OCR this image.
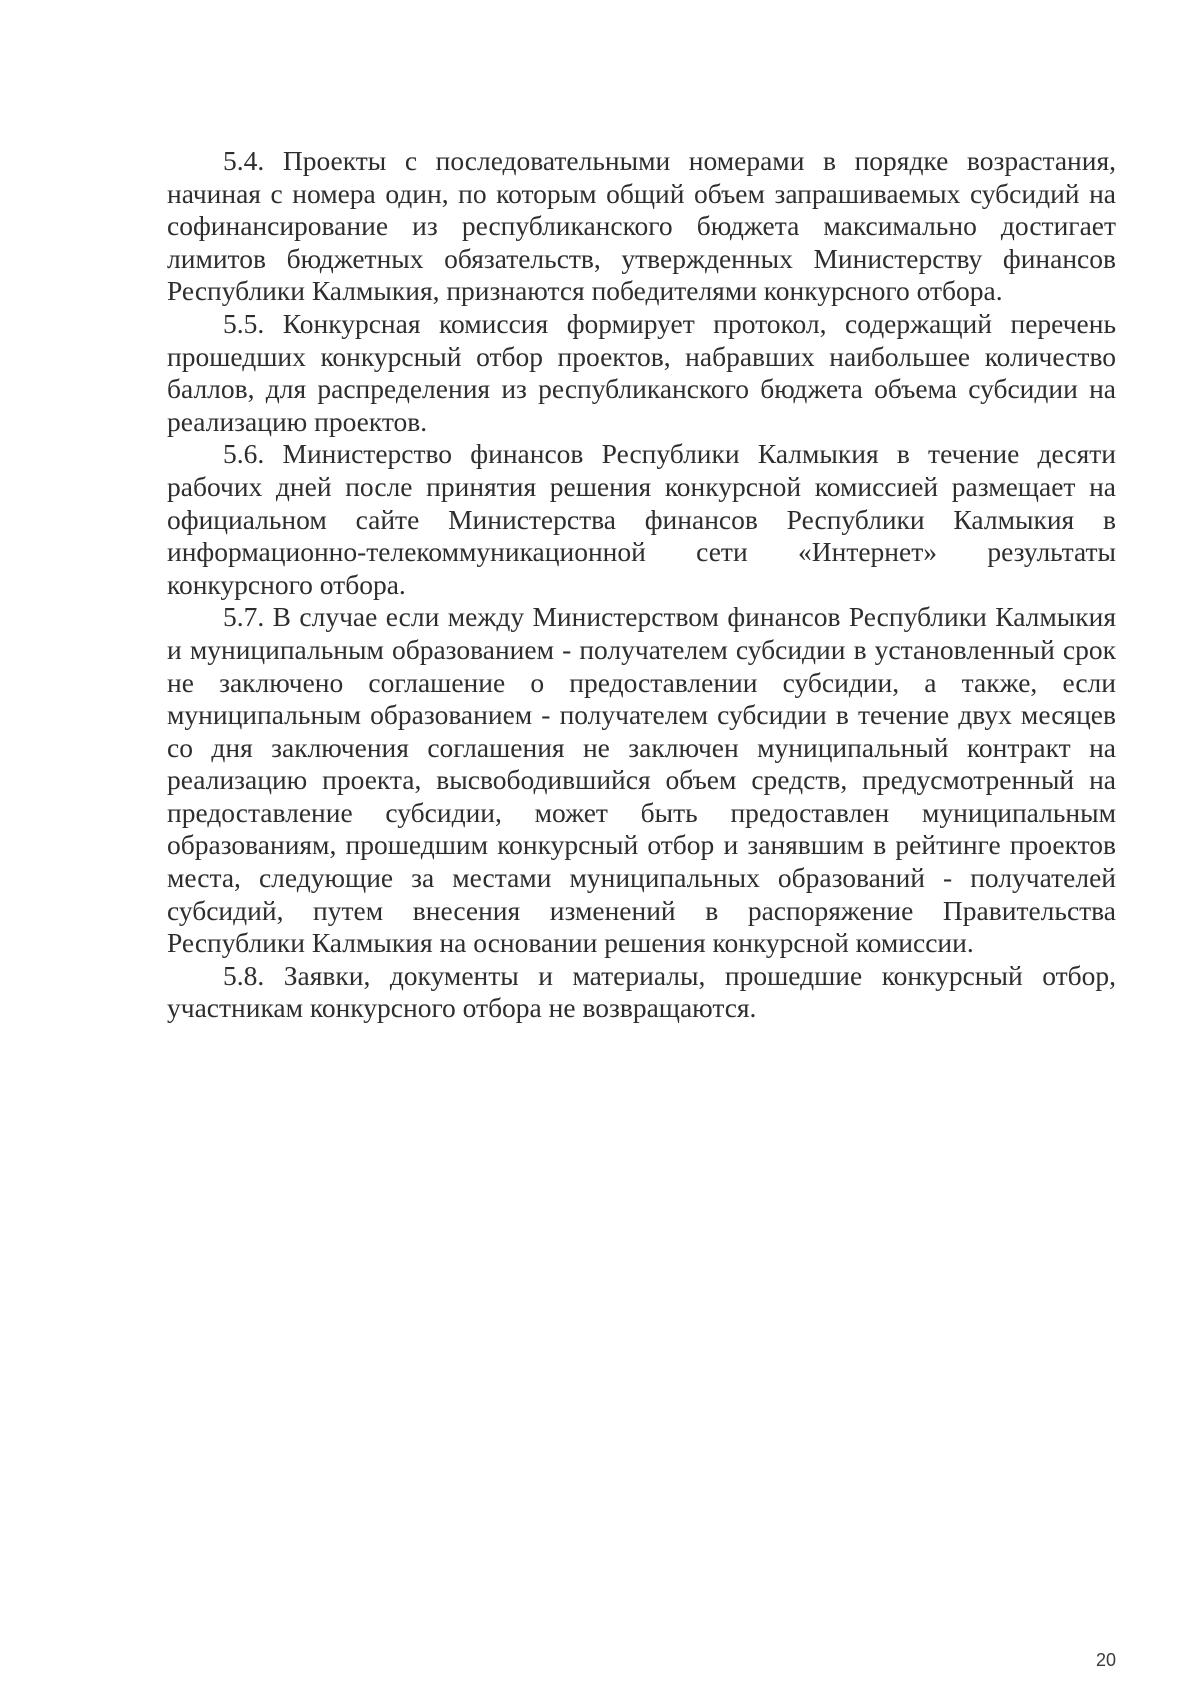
5.4. Проекты с последовательными номерами в порядке возрастания, начиная с номера один, по которым общий объем запрашиваемых субсидий на софинансирование из республиканского бюджета максимально достигает лимитов бюджетных обязательств, утвержденных Министерству финансов Республики Калмыкия, признаются победителями конкурсного отбора.

5.5. Конкурсная комиссия формирует протокол, содержащий перечень прошедших конкурсный отбор проектов, набравших наибольшее количество баллов, для распределения из республиканского бюджета объема субсидии на реализацию проектов.

5.6. Министерство финансов Республики Калмыкия в течение десяти рабочих дней после принятия решения конкурсной комиссией размещает на официальном сайте Министерства финансов Республики Калмыкия в информационно-телекоммуникационной сети «Интернет» результаты конкурсного отбора.

5.7. В случае если между Министерством финансов Республики Калмыкия и муниципальным образованием - получателем субсидии в установленный срок не заключено соглашение о предоставлении субсидии, а также, если муниципальным образованием - получателем субсидии в течение двух месяцев со дня заключения соглашения не заключен муниципальный контракт на реализацию проекта, высвободившийся объем средств, предусмотренный на предоставление субсидии, может быть предоставлен муниципальным образованиям, прошедшим конкурсный отбор и занявшим в рейтинге проектов места, следующие за местами муниципальных образований - получателей субсидий, путем внесения изменений в распоряжение Правительства Республики Калмыкия на основании решения конкурсной комиссии.

5.8. Заявки, документы и материалы, прошедшие конкурсный отбор, участникам конкурсного отбора не возвращаются.

20
